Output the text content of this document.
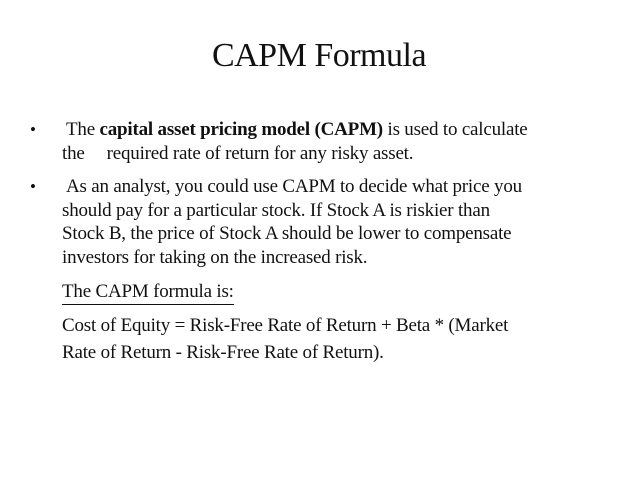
CAPM Formula
•	The capital asset pricing model (CAPM) is used to calculate
the required rate of return for any risky asset.
•	As an analyst, you could use CAPM to decide what price you
should pay for a particular stock. If Stock A is riskier than
Stock B, the price of Stock A should be lower to compensate
investors for taking on the increased risk.
The CAPM formula is:
Cost of Equity = Risk-Free Rate of Return + Beta * (Market
Rate of Return - Risk-Free Rate of Return).
